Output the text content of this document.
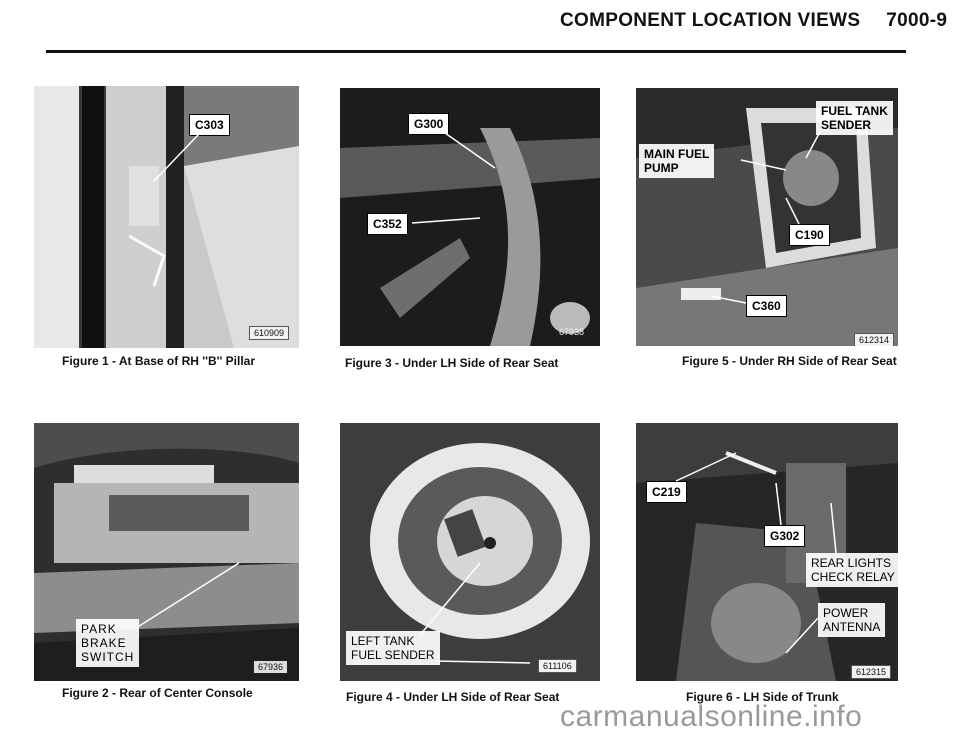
COMPONENT LOCATION VIEWS 7000-9
C303
610909
Figure 1 - At Base of RH ''B'' Pillar
G300
C352
67938
Figure 3 - Under LH Side of Rear Seat
FUEL TANK
SENDER
MAIN FUEL
PUMP
C190
C360
612314
Figure 5 - Under RH Side of Rear Seat
PARK
BRAKE
SWITCH
67936
Figure 2 - Rear of Center Console
LEFT TANK
FUEL SENDER
611106
Figure 4 - Under LH Side of Rear Seat
C219
G302
REAR LIGHTS
CHECK RELAY
POWER
ANTENNA
612315
Figure 6 - LH Side of Trunk
carmanualsonline.info
